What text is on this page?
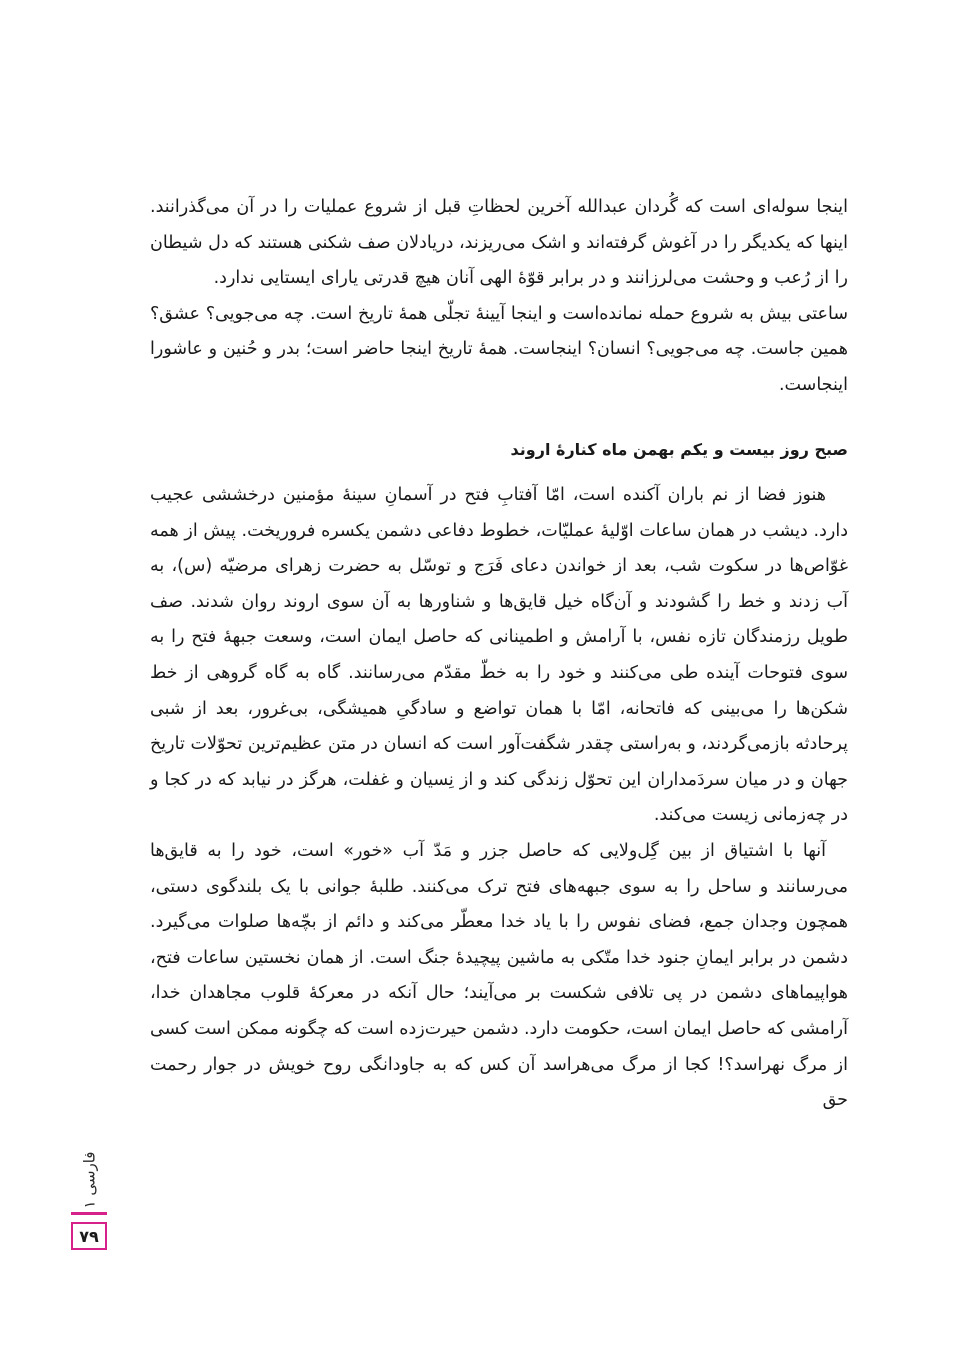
اینجا سوله‌ای است که گُردان عبدالله آخرین لحظاتِ قبل از شروع عملیات را در آن می‌گذرانند. اینها که یکدیگر را در آغوش گرفته‌اند و اشک می‌ریزند، دریادلان صف شکنی هستند که دل شیطان را از رُعب و وحشت می‌لرزانند و در برابر قوّهٔ الهی آنان هیچ قدرتی یارای ایستایی ندارد.

ساعتی بیش به شروع حمله نمانده‌است و اینجا آیینهٔ تجلّی همهٔ تاریخ است. چه می‌جویی؟ عشق؟ همین جاست. چه می‌جویی؟ انسان؟ اینجاست. همهٔ تاریخ اینجا حاضر است؛ بدر و حُنین و عاشورا اینجاست.

صبح روز بیست و یکم بهمن ماه کنارهٔ اروند

هنوز فضا از نم باران آکنده است، امّا آفتابِ فتح در آسمانِ سینهٔ مؤمنین درخششی عجیب دارد. دیشب در همان ساعات اوّلیهٔ عملیّات، خطوط دفاعی دشمن یکسره فروریخت. پیش از همه غوّاص‌ها در سکوت شب، بعد از خواندن دعای فَرَج و توسّل به حضرت زهرای مرضیّه (س)، به آب زدند و خط را گشودند و آن‌گاه خیل قایق‌ها و شناورها به آن سوی اروند روان شدند. صف طویل رزمندگان تازه نفس، با آرامش و اطمینانی که حاصل ایمان است، وسعت جبههٔ فتح را به سوی فتوحات آینده طی می‌کنند و خود را به خطّ مقدّم می‌رسانند. گاه به گاه گروهی از خط شکن‌ها را می‌بینی که فاتحانه، امّا با همان تواضع و سادگیِ همیشگی، بی‌غرور، بعد از شبی پرحادثه بازمی‌گردند، و به‌راستی چقدر شگفت‌آور است که انسان در متن عظیم‌ترین تحوّلات تاریخ جهان و در میان سردَمداران این تحوّل زندگی کند و از نِسیان و غفلت، هرگز در نیابد که در کجا و در چه‌زمانی زیست می‌کند.

آنها با اشتیاق از بین گِل‌ولایی که حاصل جزر و مَدّ آب «خور» است، خود را به قایق‌ها می‌رسانند و ساحل را به سوی جبهه‌های فتح ترک می‌کنند. طلبهٔ جوانی با یک بلندگوی دستی، همچون وجدان جمع، فضای نفوس را با یاد خدا معطّر می‌کند و دائم از بچّه‌ها صلوات می‌گیرد. دشمن در برابر ایمانِ جنود خدا متّکی به ماشین پیچیدهٔ جنگ است. از همان نخستین ساعات فتح، هواپیماهای دشمن در پی تلافی شکست بر می‌آیند؛ حال آنکه در معرکهٔ قلوب مجاهدان خدا، آرامشی که حاصل ایمان است، حکومت دارد. دشمن حیرت‌زده است که چگونه ممکن است کسی از مرگ نهراسد؟! کجا از مرگ می‌هراسد آن کس که به جاودانگی روح خویش در جوار رحمت حق

فارسی ۱
۷۹
